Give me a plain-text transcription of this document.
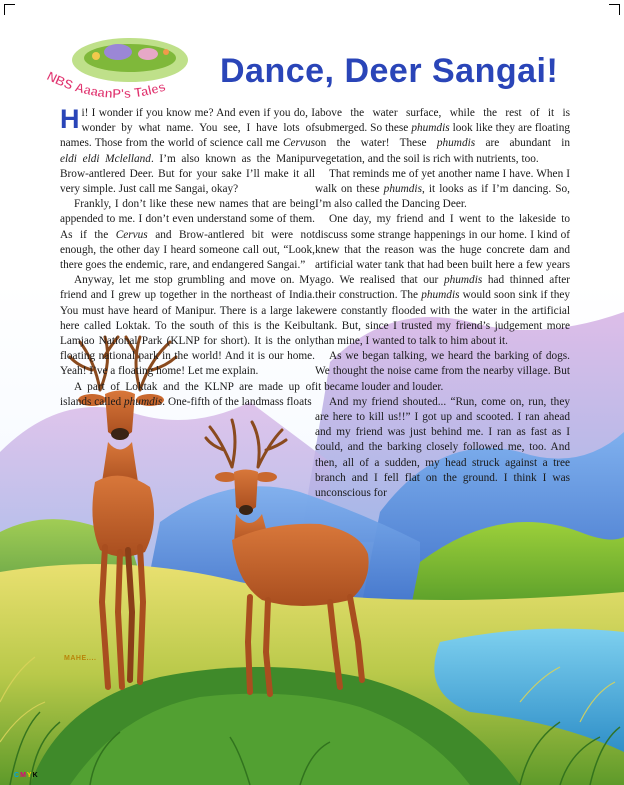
NBS AaaanP's Tales Dance, Deer Sangai!

Hi! I wonder if you know me? And even if you do, I wonder by what name. You see, I have lots of names. Those from the world of science call me Cervus eldi eldi Mclelland. I’m also known as the Manipur Brow-antlered Deer. But for your sake I’ll make it all very simple. Just call me Sangai, okay?

Frankly, I don’t like these new names that are being appended to me. I don’t even understand some of them. As if the Cervus and Brow-antlered bit were not enough, the other day I heard someone call out, “Look, there goes the endemic, rare, and endangered Sangai.”

Anyway, let me stop grumbling and move on. My friend and I grew up together in the northeast of India. You must have heard of Manipur. There is a large lake here called Loktak. To the south of this is the Keibul Lamjao National Park (KLNP for short). It is the only floating national park in the world! And it is our home. Yeah! I’ve a floating home! Let me explain.

A part of Loktak and the KLNP are made up of islands called phumdis. One-fifth of the landmass floats

above the water surface, while the rest of it is submerged. So these phumdis look like they are floating on the water! These phumdis are abundant in vegetation, and the soil is rich with nutrients, too.

That reminds me of yet another name I have. When I walk on these phumdis, it looks as if I’m dancing. So, I’m also called the Dancing Deer.

One day, my friend and I went to the lakeside to discuss some strange happenings in our home. I kind of knew that the reason was the huge concrete dam and artificial water tank that had been built here a few years ago. We realised that our phumdis had thinned after their construction. The phumdis would soon sink if they were constantly flooded with the water in the artificial tank. But, since I trusted my friend’s judgement more than mine, I wanted to talk to him about it.

As we began talking, we heard the barking of dogs. We thought the noise came from the nearby village. But it became louder and louder.

And my friend shouted... “Run, come on, run, they are here to kill us!!” I got up and scooted. I ran ahead and my friend was just behind me. I ran as fast as I could, and the barking closely followed me, too. And then, all of a sudden, my head struck against a tree branch and I fell flat on the ground. I think I was unconscious for

MAHE....
CMYK
